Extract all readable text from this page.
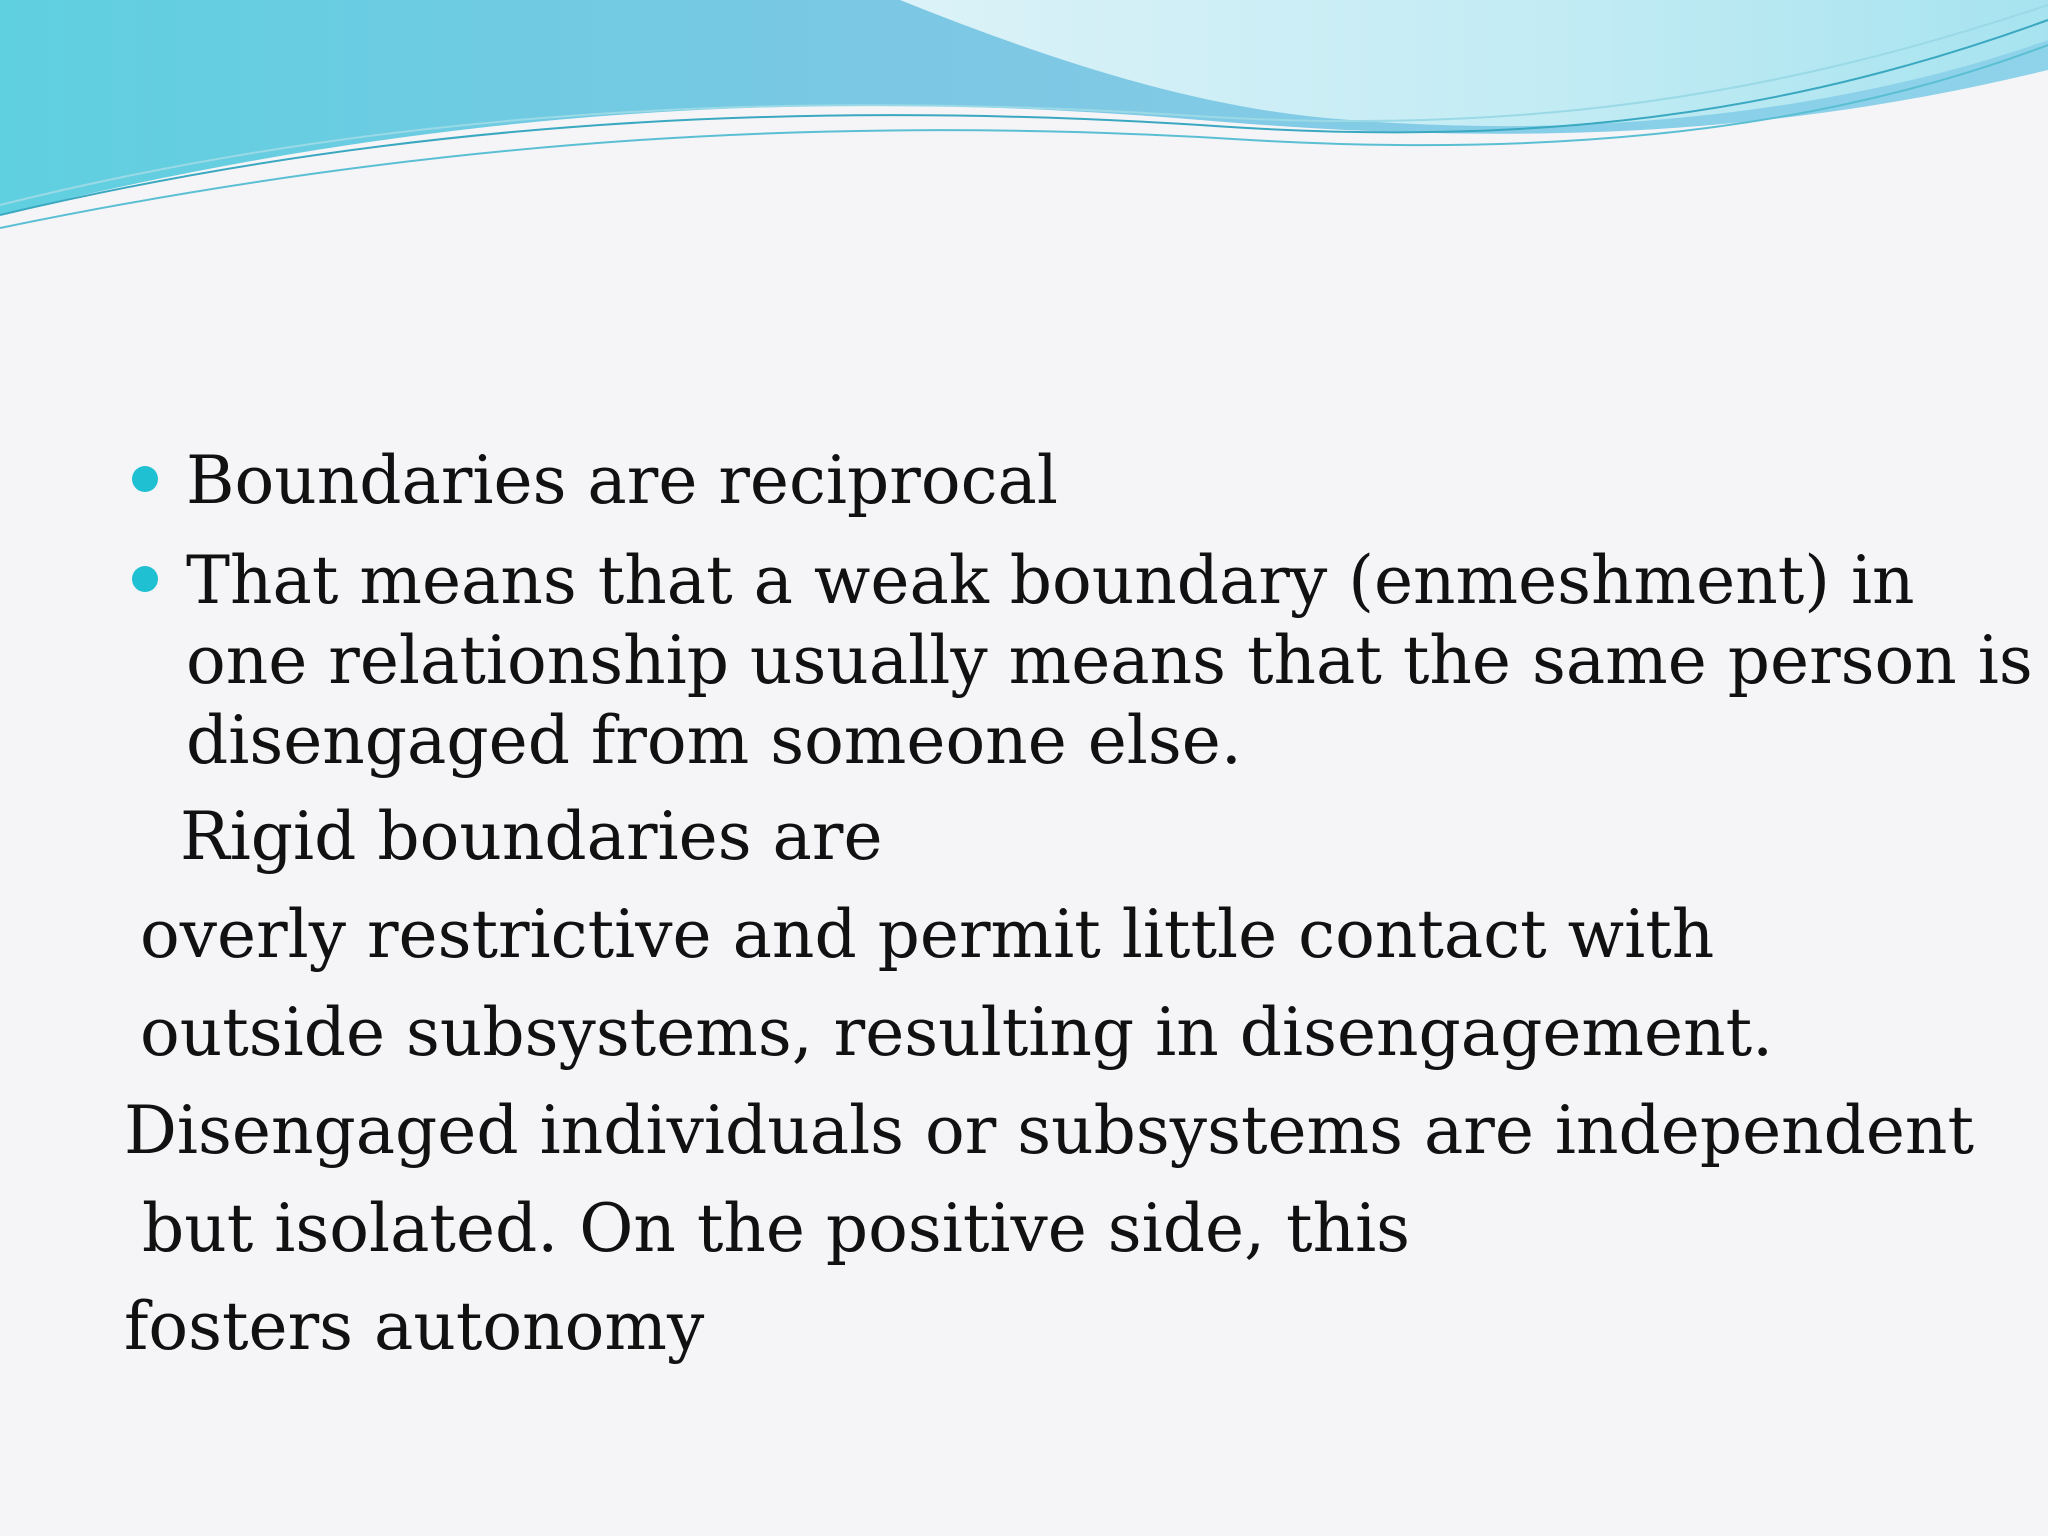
Boundaries are reciprocal

That means that a weak boundary (enmeshment) in

one relationship usually means that the same person is

disengaged from someone else.

Rigid boundaries are

overly restrictive and permit little contact with

outside subsystems, resulting in disengagement.

Disengaged individuals or subsystems are independent

but isolated. On the positive side, this

fosters autonomy
